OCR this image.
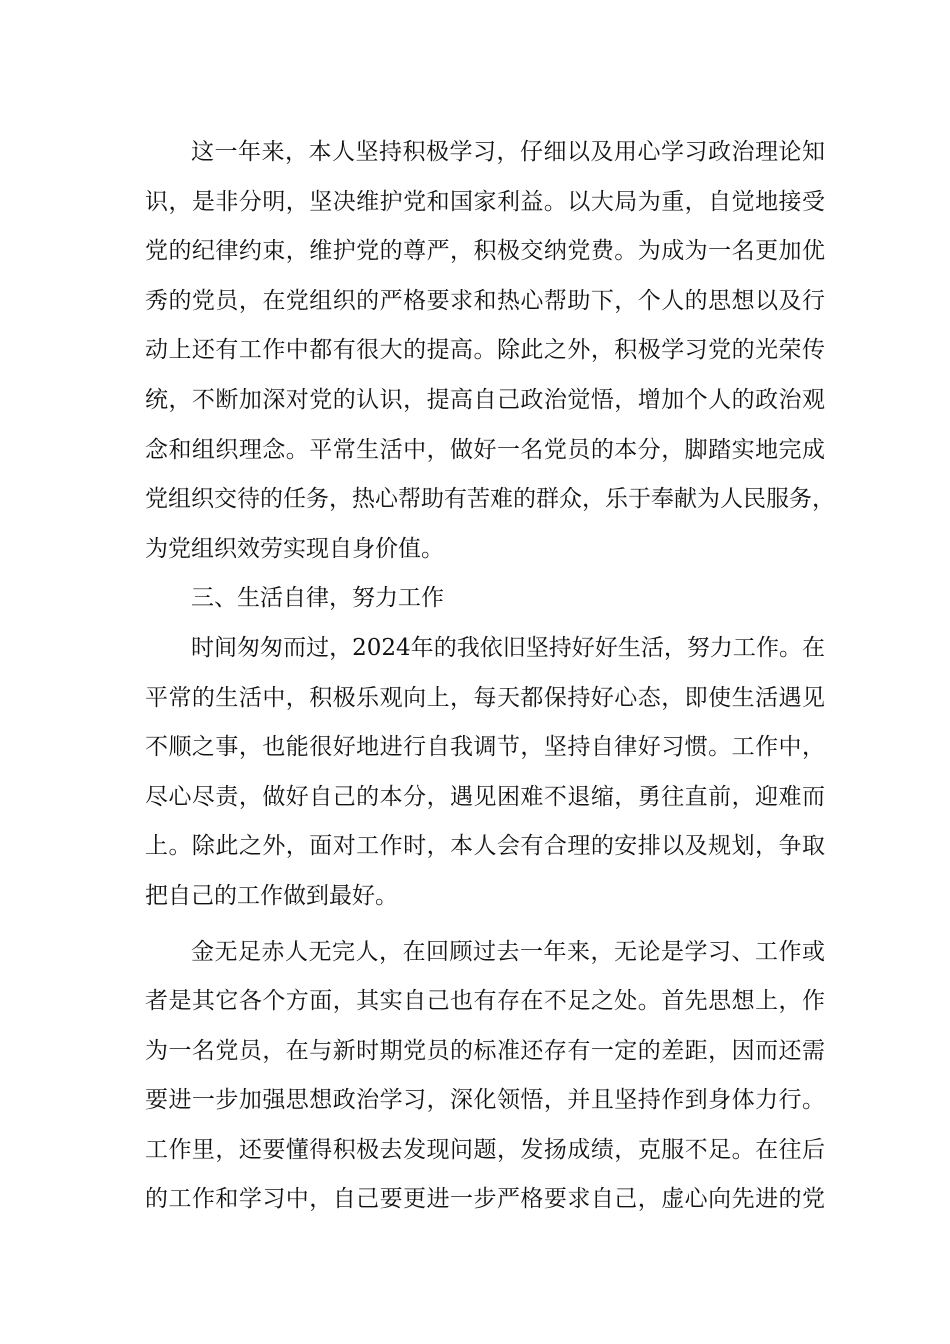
这一年来，本人坚持积极学习，仔细以及用心学习政治理论知
识，是非分明，坚决维护党和国家利益。以大局为重，自觉地接受
党的纪律约束，维护党的尊严，积极交纳党费。为成为一名更加优
秀的党员，在党组织的严格要求和热心帮助下，个人的思想以及行
动上还有工作中都有很大的提高。除此之外，积极学习党的光荣传
统，不断加深对党的认识，提高自己政治觉悟，增加个人的政治观
念和组织理念。平常生活中，做好一名党员的本分，脚踏实地完成
党组织交待的任务，热心帮助有苦难的群众，乐于奉献为人民服务，
为党组织效劳实现自身价值。
三、生活自律，努力工作
时间匆匆而过，2024年的我依旧坚持好好生活，努力工作。在
平常的生活中，积极乐观向上，每天都保持好心态，即使生活遇见
不顺之事，也能很好地进行自我调节，坚持自律好习惯。工作中，
尽心尽责，做好自己的本分，遇见困难不退缩，勇往直前，迎难而
上。除此之外，面对工作时，本人会有合理的安排以及规划，争取
把自己的工作做到最好。
金无足赤人无完人，在回顾过去一年来，无论是学习、工作或
者是其它各个方面，其实自己也有存在不足之处。首先思想上，作
为一名党员，在与新时期党员的标准还存有一定的差距，因而还需
要进一步加强思想政治学习，深化领悟，并且坚持作到身体力行。
工作里，还要懂得积极去发现问题，发扬成绩，克服不足。在往后
的工作和学习中，自己要更进一步严格要求自己，虚心向先进的党
